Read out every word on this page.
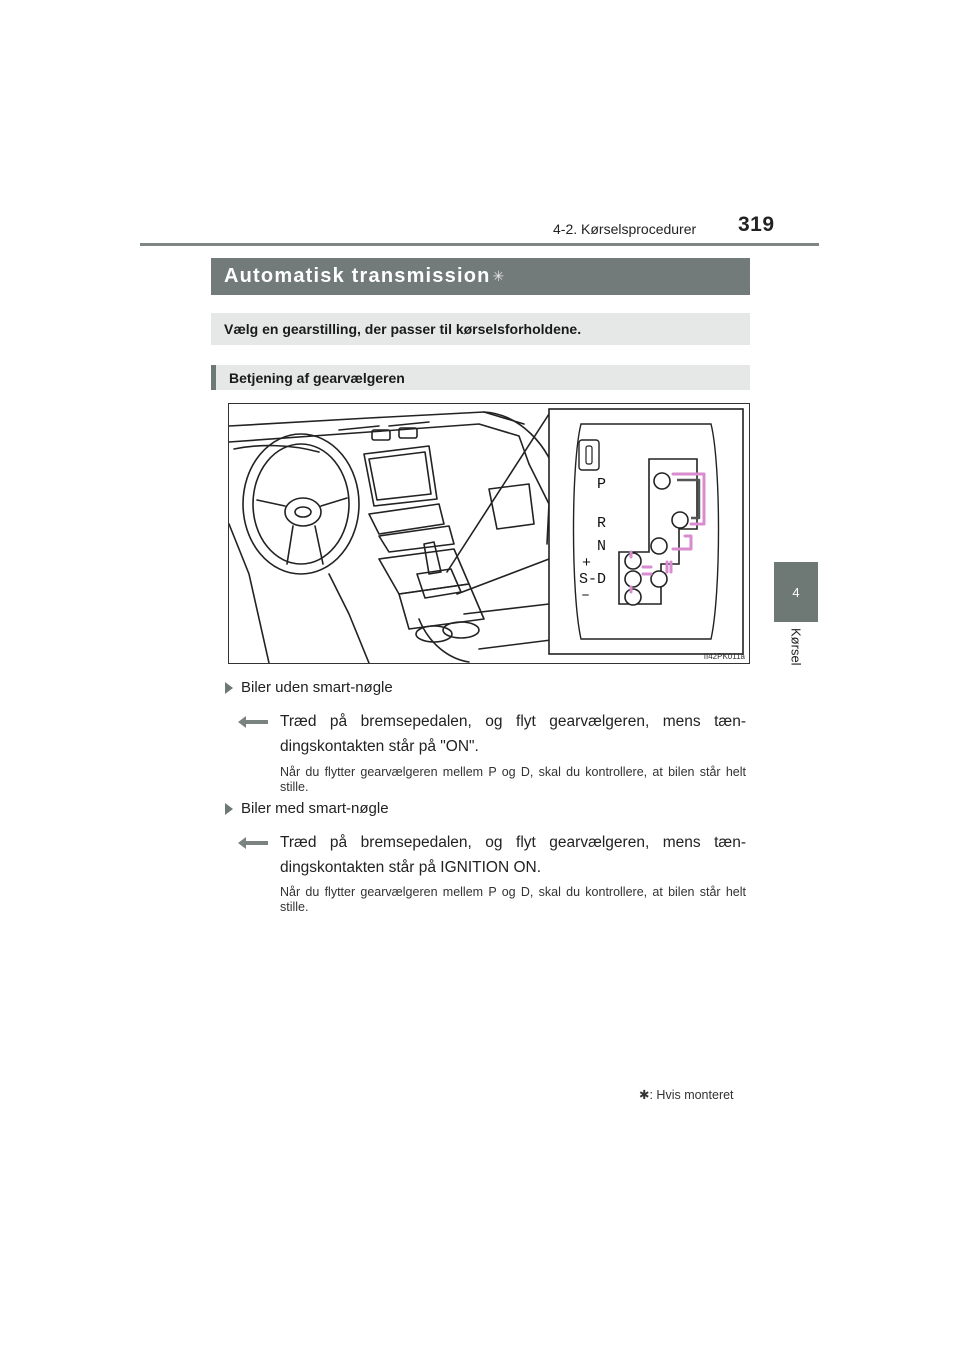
4-2. Kørselsprocedurer 319
4
Kørsel
Automatisk transmission ✳
Vælg en gearstilling, der passer til kørselsforholdene.
Betjening af gearvælgeren
P
R
N
+
S-D
–
II42PK011a
Biler uden smart-nøgle
Træd på bremsepedalen, og flyt gearvælgeren, mens tæn-dingskontakten står på "ON".
Når du flytter gearvælgeren mellem P og D, skal du kontrollere, at bilen står helt stille.
Biler med smart-nøgle
Træd på bremsepedalen, og flyt gearvælgeren, mens tæn-dingskontakten står på IGNITION ON.
Når du flytter gearvælgeren mellem P og D, skal du kontrollere, at bilen står helt stille.
✱: Hvis monteret
